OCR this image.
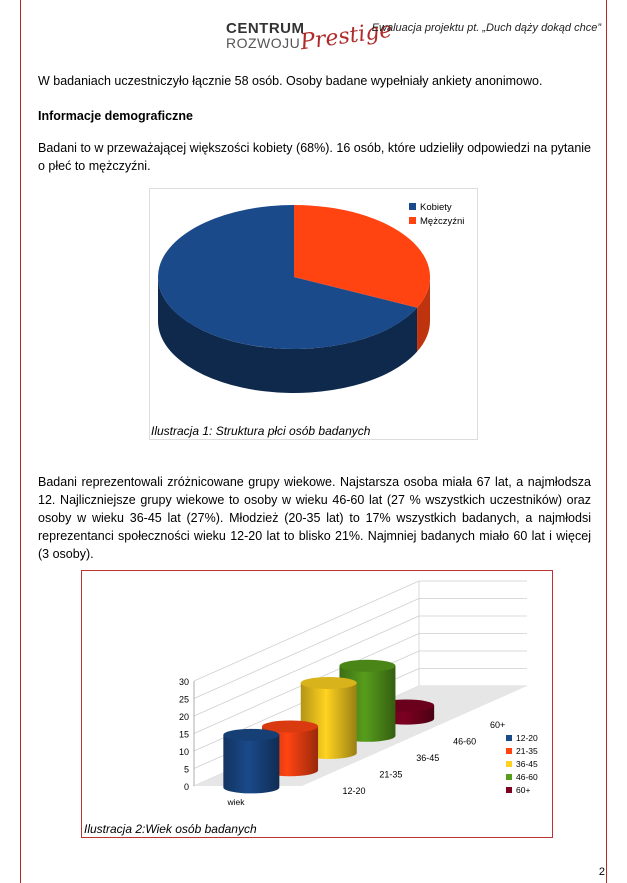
CENTRUM
ROZWOJU
Prestige
Ewaluacja projektu pt. „Duch dąży dokąd chce”

W badaniach uczestniczyło łącznie 58 osób. Osoby badane wypełniały ankiety anonimowo.

Informacje demograficzne

Badani to w przeważającej większości kobiety (68%). 16 osób, które udzieliły odpowiedzi na pytanie o płeć to mężczyźni.

Kobiety
Mężczyźni
Ilustracja 1: Struktura płci osób badanych

Badani reprezentowali zróżnicowane grupy wiekowe. Najstarsza osoba miała 67 lat, a najmłodsza 12. Najliczniejsze grupy wiekowe to osoby w wieku 46-60 lat (27 % wszystkich uczestników) oraz osoby w wieku 36-45 lat (27%). Młodzież (20-35 lat) to 17% wszystkich badanych, a najmłodsi reprezentanci społeczności wieku 12-20 lat to blisko 21%. Najmniej badanych miało 60 lat i więcej (3 osoby).

0
5
10
15
20
25
30
60+
60+
46-60
46-60
36-45
36-45
21-35
21-35
12-20
12-20
wiek
Ilustracja 2:Wiek osób badanych
2
